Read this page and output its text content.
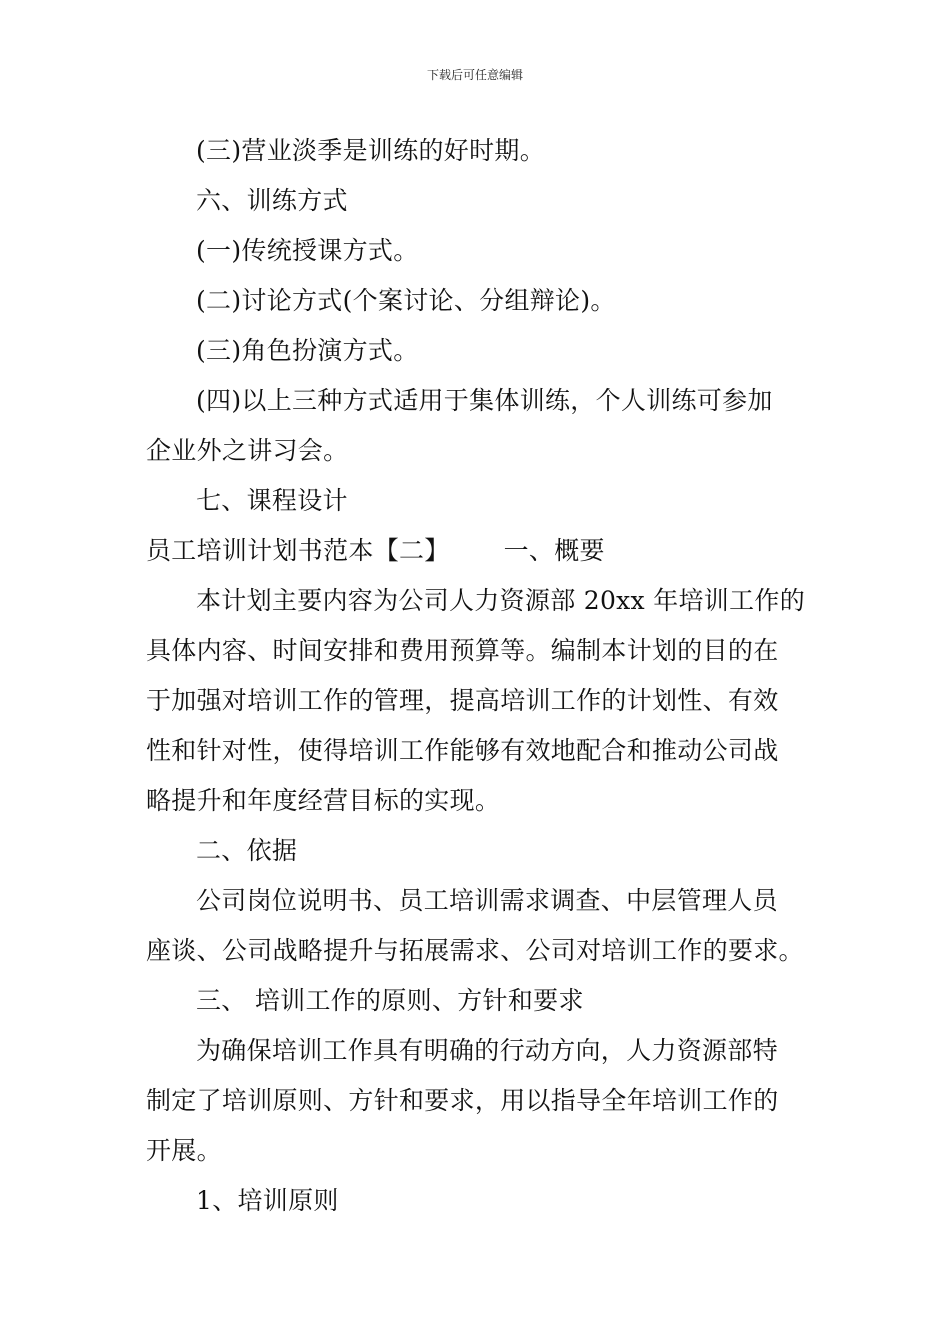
下载后可任意编辑
(三)营业淡季是训练的好时期。
六、训练方式
(一)传统授课方式。
(二)讨论方式(个案讨论、分组辩论)。
(三)角色扮演方式。
(四)以上三种方式适用于集体训练，个人训练可参加
企业外之讲习会。
七、课程设计
员工培训计划书范本【二】 一、概要
本计划主要内容为公司人力资源部 20xx 年培训工作的
具体内容、时间安排和费用预算等。编制本计划的目的在
于加强对培训工作的管理，提高培训工作的计划性、有效
性和针对性，使得培训工作能够有效地配合和推动公司战
略提升和年度经营目标的实现。
二、依据
公司岗位说明书、员工培训需求调查、中层管理人员
座谈、公司战略提升与拓展需求、公司对培训工作的要求。
三、 培训工作的原则、方针和要求
为确保培训工作具有明确的行动方向，人力资源部特
制定了培训原则、方针和要求，用以指导全年培训工作的
开展。
1、培训原则
